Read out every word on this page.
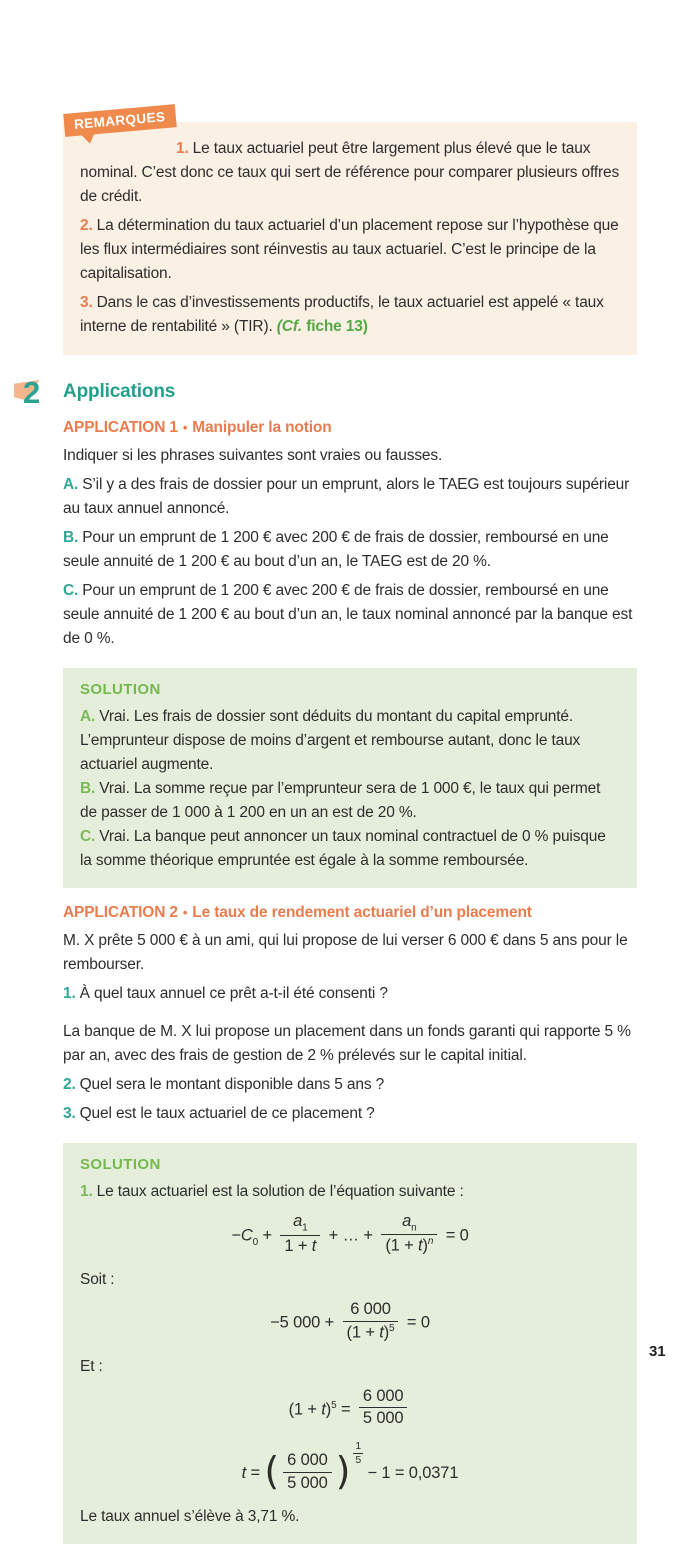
REMARQUES

1. Le taux actuariel peut être largement plus élevé que le taux nominal. C’est donc ce taux qui sert de référence pour comparer plusieurs offres de crédit.

2. La détermination du taux actuariel d’un placement repose sur l’hypothèse que les flux intermédiaires sont réinvestis au taux actuariel. C’est le principe de la capitalisation.

3. Dans le cas d’investissements productifs, le taux actuariel est appelé « taux interne de rentabilité » (TIR). (Cf. fiche 13)

2 Applications
APPLICATION 1 • Manipuler la notion

Indiquer si les phrases suivantes sont vraies ou fausses.

A. S’il y a des frais de dossier pour un emprunt, alors le TAEG est toujours supérieur au taux annuel annoncé.

B. Pour un emprunt de 1 200 € avec 200 € de frais de dossier, remboursé en une seule annuité de 1 200 € au bout d’un an, le TAEG est de 20 %.

C. Pour un emprunt de 1 200 € avec 200 € de frais de dossier, remboursé en une seule annuité de 1 200 € au bout d’un an, le taux nominal annoncé par la banque est de 0 %.

SOLUTION

A. Vrai. Les frais de dossier sont déduits du montant du capital emprunté. L’emprunteur dispose de moins d’argent et rembourse autant, donc le taux actuariel augmente.

B. Vrai. La somme reçue par l’emprunteur sera de 1 000 €, le taux qui permet de passer de 1 000 à 1 200 en un an est de 20 %.

C. Vrai. La banque peut annoncer un taux nominal contractuel de 0 % puisque la somme théorique empruntée est égale à la somme remboursée.

APPLICATION 2 • Le taux de rendement actuariel d’un placement

M. X prête 5 000 € à un ami, qui lui propose de lui verser 6 000 € dans 5 ans pour le rembourser.

1. À quel taux annuel ce prêt a-t-il été consenti ?

La banque de M. X lui propose un placement dans un fonds garanti qui rapporte 5 % par an, avec des frais de gestion de 2 % prélevés sur le capital initial.

2. Quel sera le montant disponible dans 5 ans ?

3. Quel est le taux actuariel de ce placement ?

SOLUTION

1. Le taux actuariel est la solution de l’équation suivante :

$-C_0 + \frac{a_1}{1 + t}$ + … + $\frac{a_n}{(1 + t)^n} = 0$

Soit :

−5 $000 + \frac{6 000}{(1 + t)^5} = 0$

Et :

$(1 + t)^5 = \frac{6 000}{5 000}$
t = ( $\frac{6 000}{5 000}$ ) $\frac{1}{5}$
− 1 = 0,0371

Le taux annuel s’élève à 3,71 %.

31
